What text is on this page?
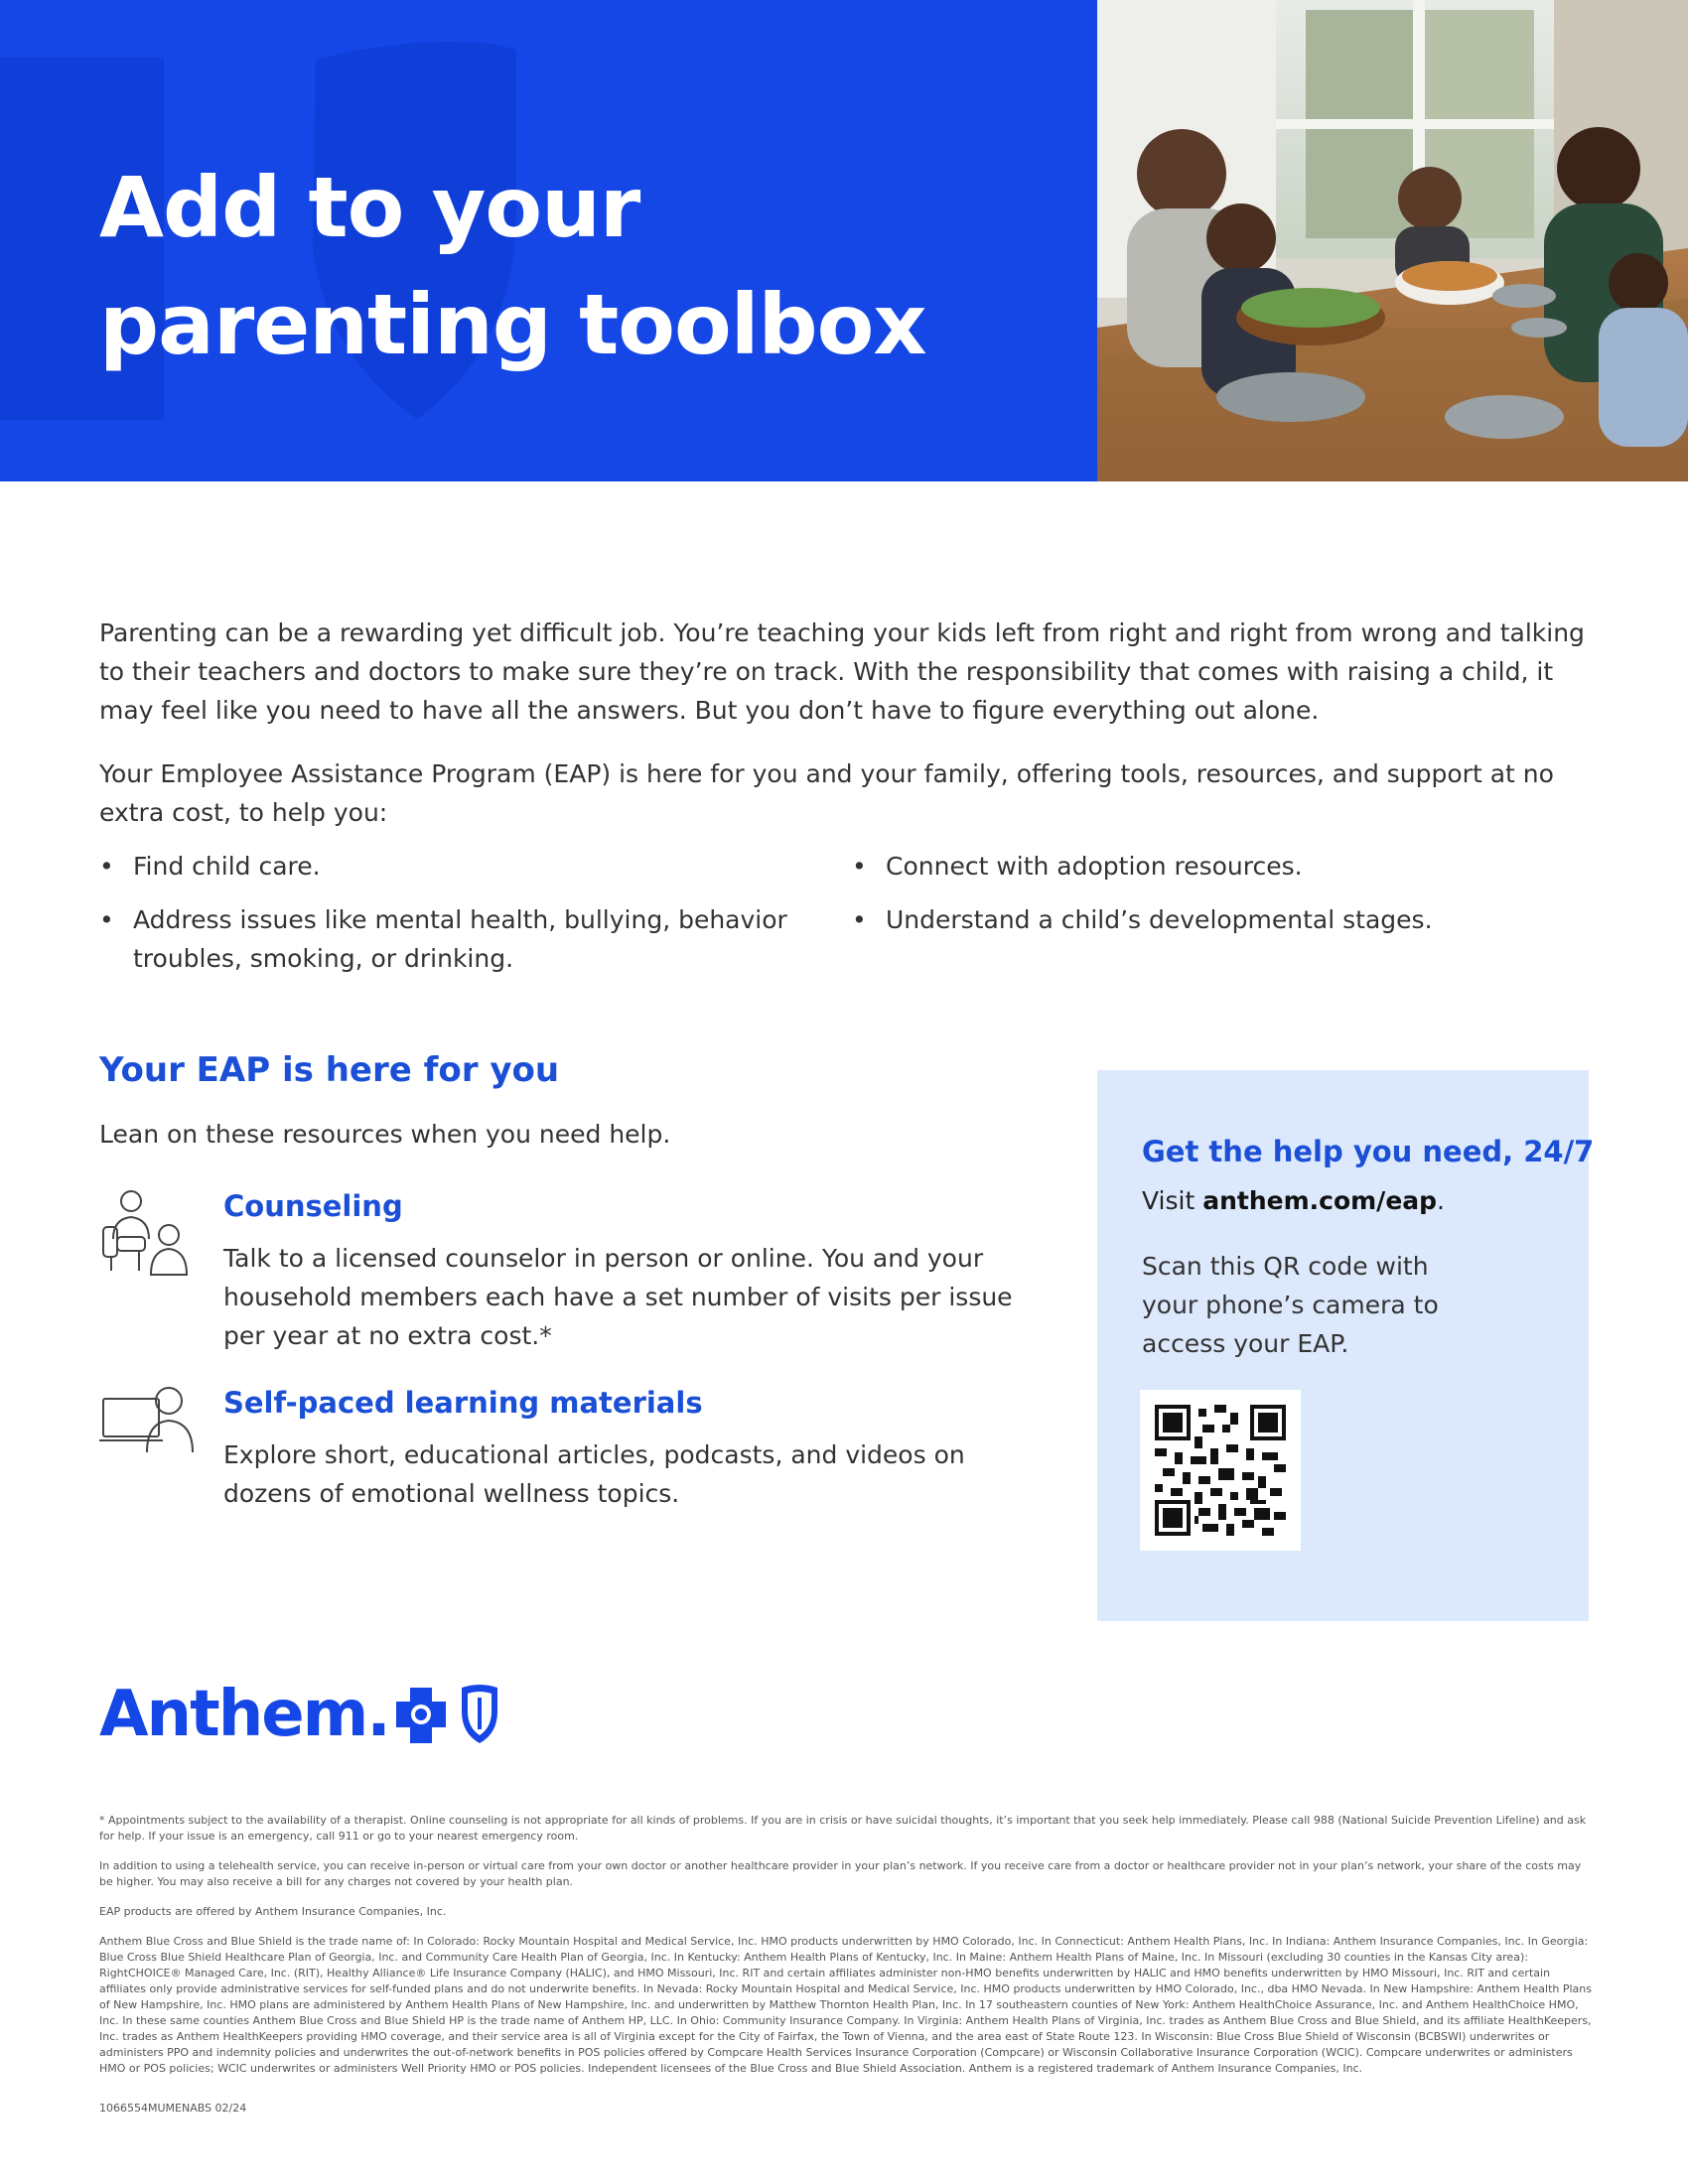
Add to your
parenting toolbox

Parenting can be a rewarding yet difficult job. You’re teaching your kids left from right and right from wrong and talking to their teachers and doctors to make sure they’re on track. With the responsibility that comes with raising a child, it may feel like you need to have all the answers. But you don’t have to figure everything out alone.

Your Employee Assistance Program (EAP) is here for you and your family, offering tools, resources, and support at no extra cost, to help you:

• Find child care.
• Address issues like mental health, bullying, behavior troubles, smoking, or drinking.
• Connect with adoption resources.
• Understand a child’s developmental stages.
Your EAP is here for you

Lean on these resources when you need help.

Counseling

Talk to a licensed counselor in person or online. You and your household members each have a set number of visits per issue per year at no extra cost.*

Self-paced learning materials

Explore short, educational articles, podcasts, and videos on dozens of emotional wellness topics.

Get the help you need, 24/7

Visit anthem.com/eap.

Scan this QR code with your phone’s camera to access your EAP.

Anthem.

* Appointments subject to the availability of a therapist. Online counseling is not appropriate for all kinds of problems. If you are in crisis or have suicidal thoughts, it’s important that you seek help immediately. Please call 988 (National Suicide Prevention Lifeline) and ask for help. If your issue is an emergency, call 911 or go to your nearest emergency room.

In addition to using a telehealth service, you can receive in-person or virtual care from your own doctor or another healthcare provider in your plan’s network. If you receive care from a doctor or healthcare provider not in your plan’s network, your share of the costs may be higher. You may also receive a bill for any charges not covered by your health plan.

EAP products are offered by Anthem Insurance Companies, Inc.

Anthem Blue Cross and Blue Shield is the trade name of: In Colorado: Rocky Mountain Hospital and Medical Service, Inc. HMO products underwritten by HMO Colorado, Inc. In Connecticut: Anthem Health Plans, Inc. In Indiana: Anthem Insurance Companies, Inc. In Georgia: Blue Cross Blue Shield Healthcare Plan of Georgia, Inc. and Community Care Health Plan of Georgia, Inc. In Kentucky: Anthem Health Plans of Kentucky, Inc. In Maine: Anthem Health Plans of Maine, Inc. In Missouri (excluding 30 counties in the Kansas City area): RightCHOICE® Managed Care, Inc. (RIT), Healthy Alliance® Life Insurance Company (HALIC), and HMO Missouri, Inc. RIT and certain affiliates administer non-HMO benefits underwritten by HALIC and HMO benefits underwritten by HMO Missouri, Inc. RIT and certain affiliates only provide administrative services for self-funded plans and do not underwrite benefits. In Nevada: Rocky Mountain Hospital and Medical Service, Inc. HMO products underwritten by HMO Colorado, Inc., dba HMO Nevada. In New Hampshire: Anthem Health Plans of New Hampshire, Inc. HMO plans are administered by Anthem Health Plans of New Hampshire, Inc. and underwritten by Matthew Thornton Health Plan, Inc. In 17 southeastern counties of New York: Anthem HealthChoice Assurance, Inc. and Anthem HealthChoice HMO, Inc. In these same counties Anthem Blue Cross and Blue Shield HP is the trade name of Anthem HP, LLC. In Ohio: Community Insurance Company. In Virginia: Anthem Health Plans of Virginia, Inc. trades as Anthem Blue Cross and Blue Shield, and its affiliate HealthKeepers, Inc. trades as Anthem HealthKeepers providing HMO coverage, and their service area is all of Virginia except for the City of Fairfax, the Town of Vienna, and the area east of State Route 123. In Wisconsin: Blue Cross Blue Shield of Wisconsin (BCBSWI) underwrites or administers PPO and indemnity policies and underwrites the out-of-network benefits in POS policies offered by Compcare Health Services Insurance Corporation (Compcare) or Wisconsin Collaborative Insurance Corporation (WCIC). Compcare underwrites or administers HMO or POS policies; WCIC underwrites or administers Well Priority HMO or POS policies. Independent licensees of the Blue Cross and Blue Shield Association. Anthem is a registered trademark of Anthem Insurance Companies, Inc.

1066554MUMENABS 02/24
